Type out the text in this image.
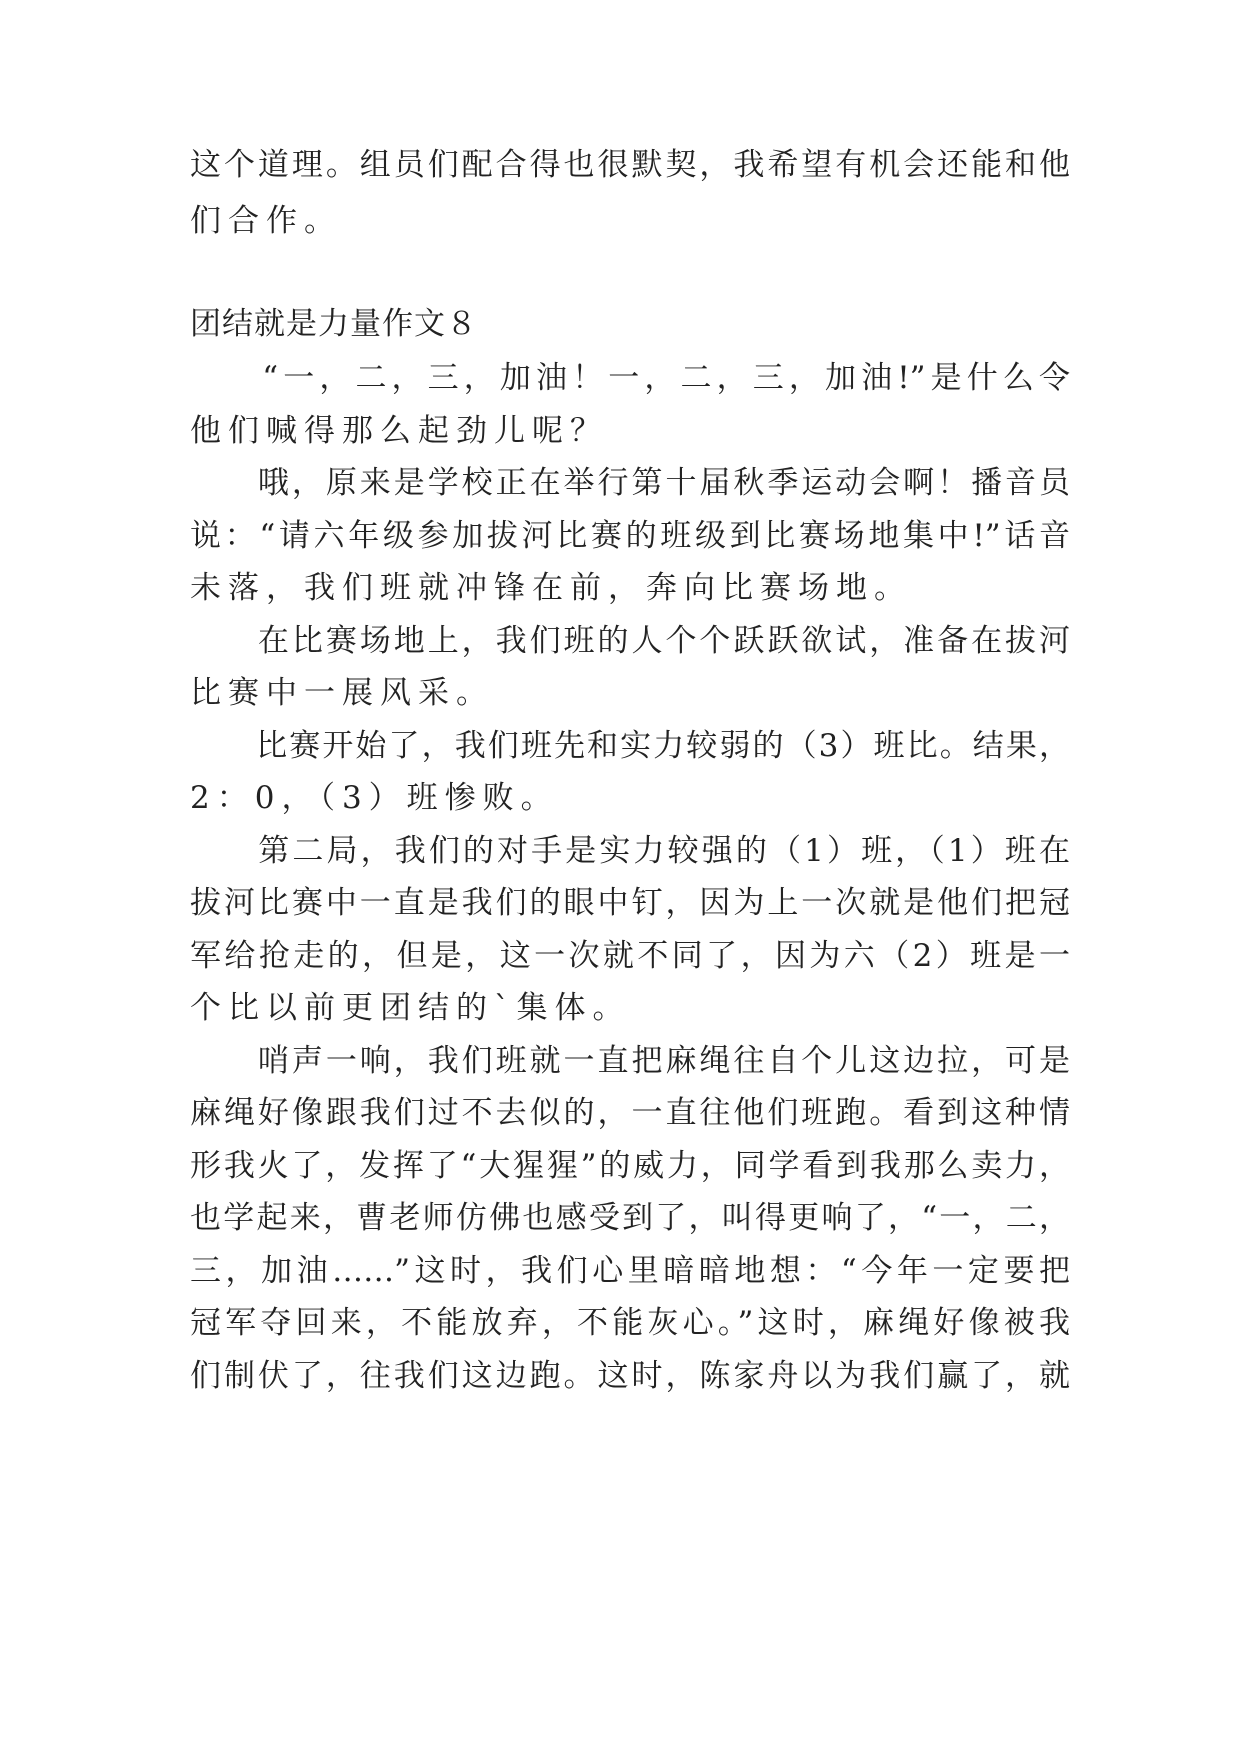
这个道理。组员们配合得也很默契，我希望有机会还能和他
们合作。
团结就是力量作文８
　　“一，二，三，加油！一，二，三，加油!”是什么令
他们喊得那么起劲儿呢？
　　哦，原来是学校正在举行第十届秋季运动会啊！播音员
说：“请六年级参加拔河比赛的班级到比赛场地集中!”话音
未落，我们班就冲锋在前，奔向比赛场地。
　　在比赛场地上，我们班的人个个跃跃欲试，准备在拔河
比赛中一展风采。
　　比赛开始了，我们班先和实力较弱的（3）班比。结果，
2：0，（3）班惨败。
　　第二局，我们的对手是实力较强的（1）班，（1）班在
拔河比赛中一直是我们的眼中钉，因为上一次就是他们把冠
军给抢走的，但是，这一次就不同了，因为六（2）班是一
个比以前更团结的`集体。
　　哨声一响，我们班就一直把麻绳往自个儿这边拉，可是
麻绳好像跟我们过不去似的，一直往他们班跑。看到这种情
形我火了，发挥了“大猩猩”的威力，同学看到我那么卖力，
也学起来，曹老师仿佛也感受到了，叫得更响了，“一，二，
三，加油……”这时，我们心里暗暗地想：“今年一定要把
冠军夺回来，不能放弃，不能灰心。”这时，麻绳好像被我
们制伏了，往我们这边跑。这时，陈家舟以为我们赢了，就
